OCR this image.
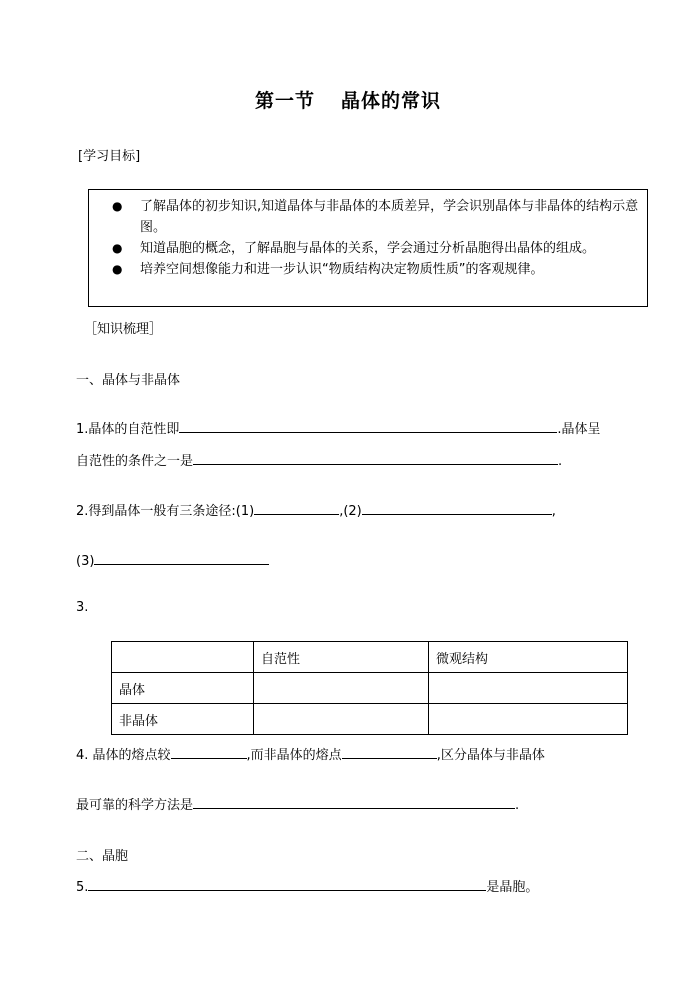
第一节 晶体的常识
[学习目标]
● 了解晶体的初步知识,知道晶体与非晶体的本质差异，学会识别晶体与非晶体的结构示意图。
● 知道晶胞的概念，了解晶胞与晶体的关系，学会通过分析晶胞得出晶体的组成。
● 培养空间想像能力和进一步认识“物质结构决定物质性质”的客观规律。
［知识梳理］
一、晶体与非晶体
1.晶体的自范性即	.晶体呈
自范性的条件之一是	.
2.得到晶体一般有三条途径:(1)	,(2)	,
(3)
3.
	自范性	微观结构
晶体		
非晶体		
4. 晶体的熔点较	,而非晶体的熔点	,区分晶体与非晶体
最可靠的科学方法是	.
二、晶胞
5.	是晶胞。
